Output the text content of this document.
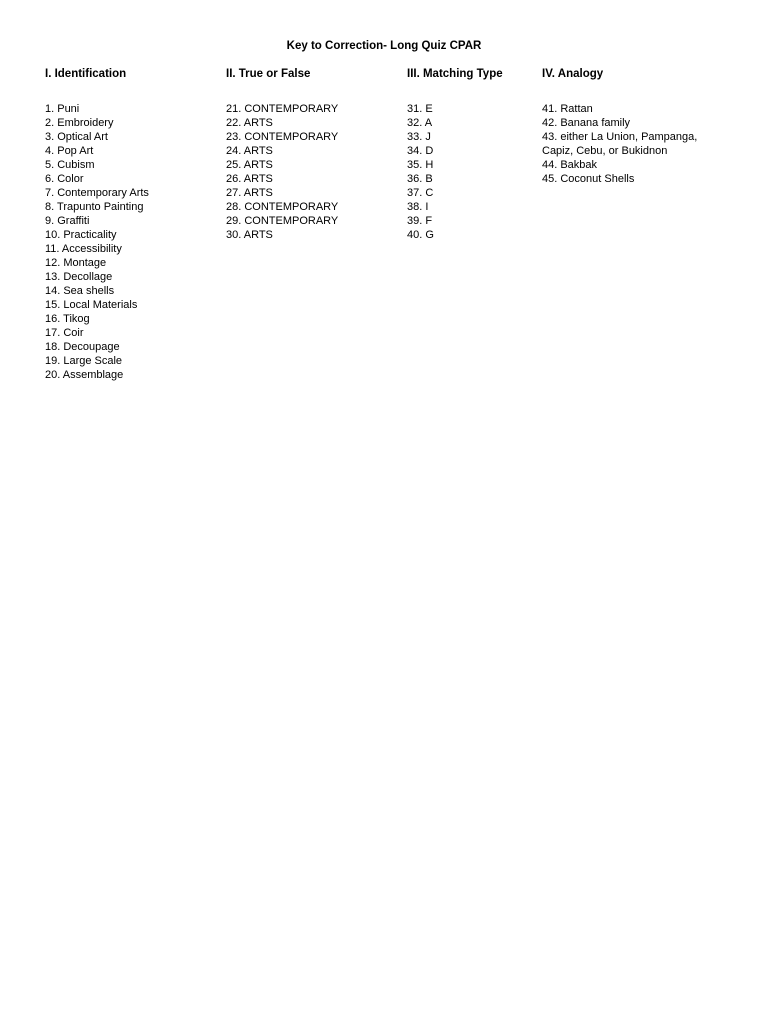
Key to Correction- Long Quiz CPAR
I. Identification
1. Puni
2. Embroidery
3. Optical Art
4. Pop Art
5. Cubism
6. Color
7. Contemporary Arts
8. Trapunto Painting
9. Graffiti
10. Practicality
11. Accessibility
12. Montage
13. Decollage
14. Sea shells
15. Local Materials
16. Tikog
17. Coir
18. Decoupage
19. Large Scale
20. Assemblage
II. True or False
21. CONTEMPORARY
22. ARTS
23. CONTEMPORARY
24. ARTS
25. ARTS
26. ARTS
27. ARTS
28. CONTEMPORARY
29. CONTEMPORARY
30. ARTS
III. Matching Type
31. E
32. A
33. J
34. D
35. H
36. B
37. C
38. I
39. F
40. G
IV. Analogy
41. Rattan
42. Banana family
43. either La Union, Pampanga, Capiz, Cebu, or Bukidnon
44. Bakbak
45. Coconut Shells
